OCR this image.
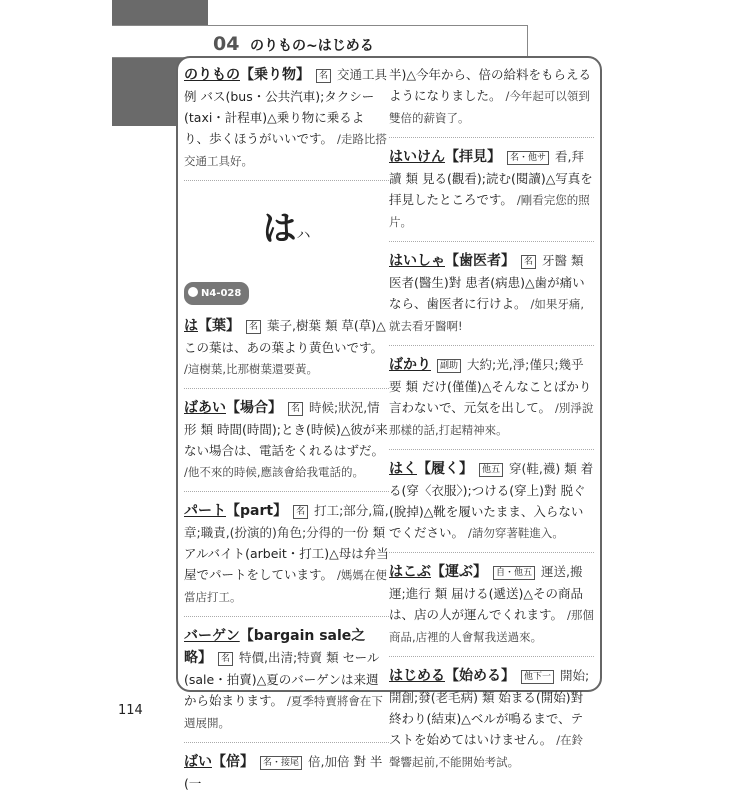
Level 04 のりもの~はじめる
のりもの【乗り物】 名 交通工具 例 バス(bus・公共汽車);タクシー(taxi・計程車)△乗り物に乗るより、歩くほうがいいです。 /走路比搭交通工具好。
はハ
N4-028
は【葉】 名 葉子,樹葉 類 草(草)△この葉は、あの葉より黄色いです。 /這樹葉,比那樹葉還要黃。
ばあい【場合】 名 時候;狀況,情形 類 時間(時間);とき(時候)△彼が来ない場合は、電話をくれるはずだ。 /他不來的時候,應該會給我電話的。
パート【part】 名 打工;部分,篇,章;職責,(扮演的)角色;分得的一份 類 アルバイト(arbeit・打工)△母は弁当屋でパートをしています。 /媽媽在便當店打工。
バーゲン【bargain sale之略】 名 特價,出清;特賣 類 セール(sale・拍賣)△夏のバーゲンは来週から始まります。 /夏季特賣將會在下週展開。
ばい【倍】 名・接尾 倍,加倍 對 半(一
半)△今年から、倍の給料をもらえるようになりました。 /今年起可以領到雙倍的薪資了。
はいけん【拝見】 名・他サ 看,拜讀 類 見る(觀看);読む(閱讀)△写真を拝見したところです。 /剛看完您的照片。
はいしゃ【歯医者】 名 牙醫 類 医者(醫生)對 患者(病患)△歯が痛いなら、歯医者に行けよ。 /如果牙痛,就去看牙醫啊!
ばかり 副助 大約;光,淨;僅只;幾乎要 類 だけ(僅僅)△そんなことばかり言わないで、元気を出して。 /別淨說那樣的話,打起精神來。
はく【履く】 他五 穿(鞋,襪) 類 着る(穿〈衣服〉);つける(穿上)對 脱ぐ(脫掉)△靴を履いたまま、入らないでください。 /請勿穿著鞋進入。
はこぶ【運ぶ】 自・他五 運送,搬運;進行 類 届ける(遞送)△その商品は、店の人が運んでくれます。 /那個商品,店裡的人會幫我送過來。
はじめる【始める】 他下一 開始;開創;發(老毛病) 類 始まる(開始)對 終わり(結束)△ベルが鳴るまで、テストを始めてはいけません。 /在鈴聲響起前,不能開始考試。
114
